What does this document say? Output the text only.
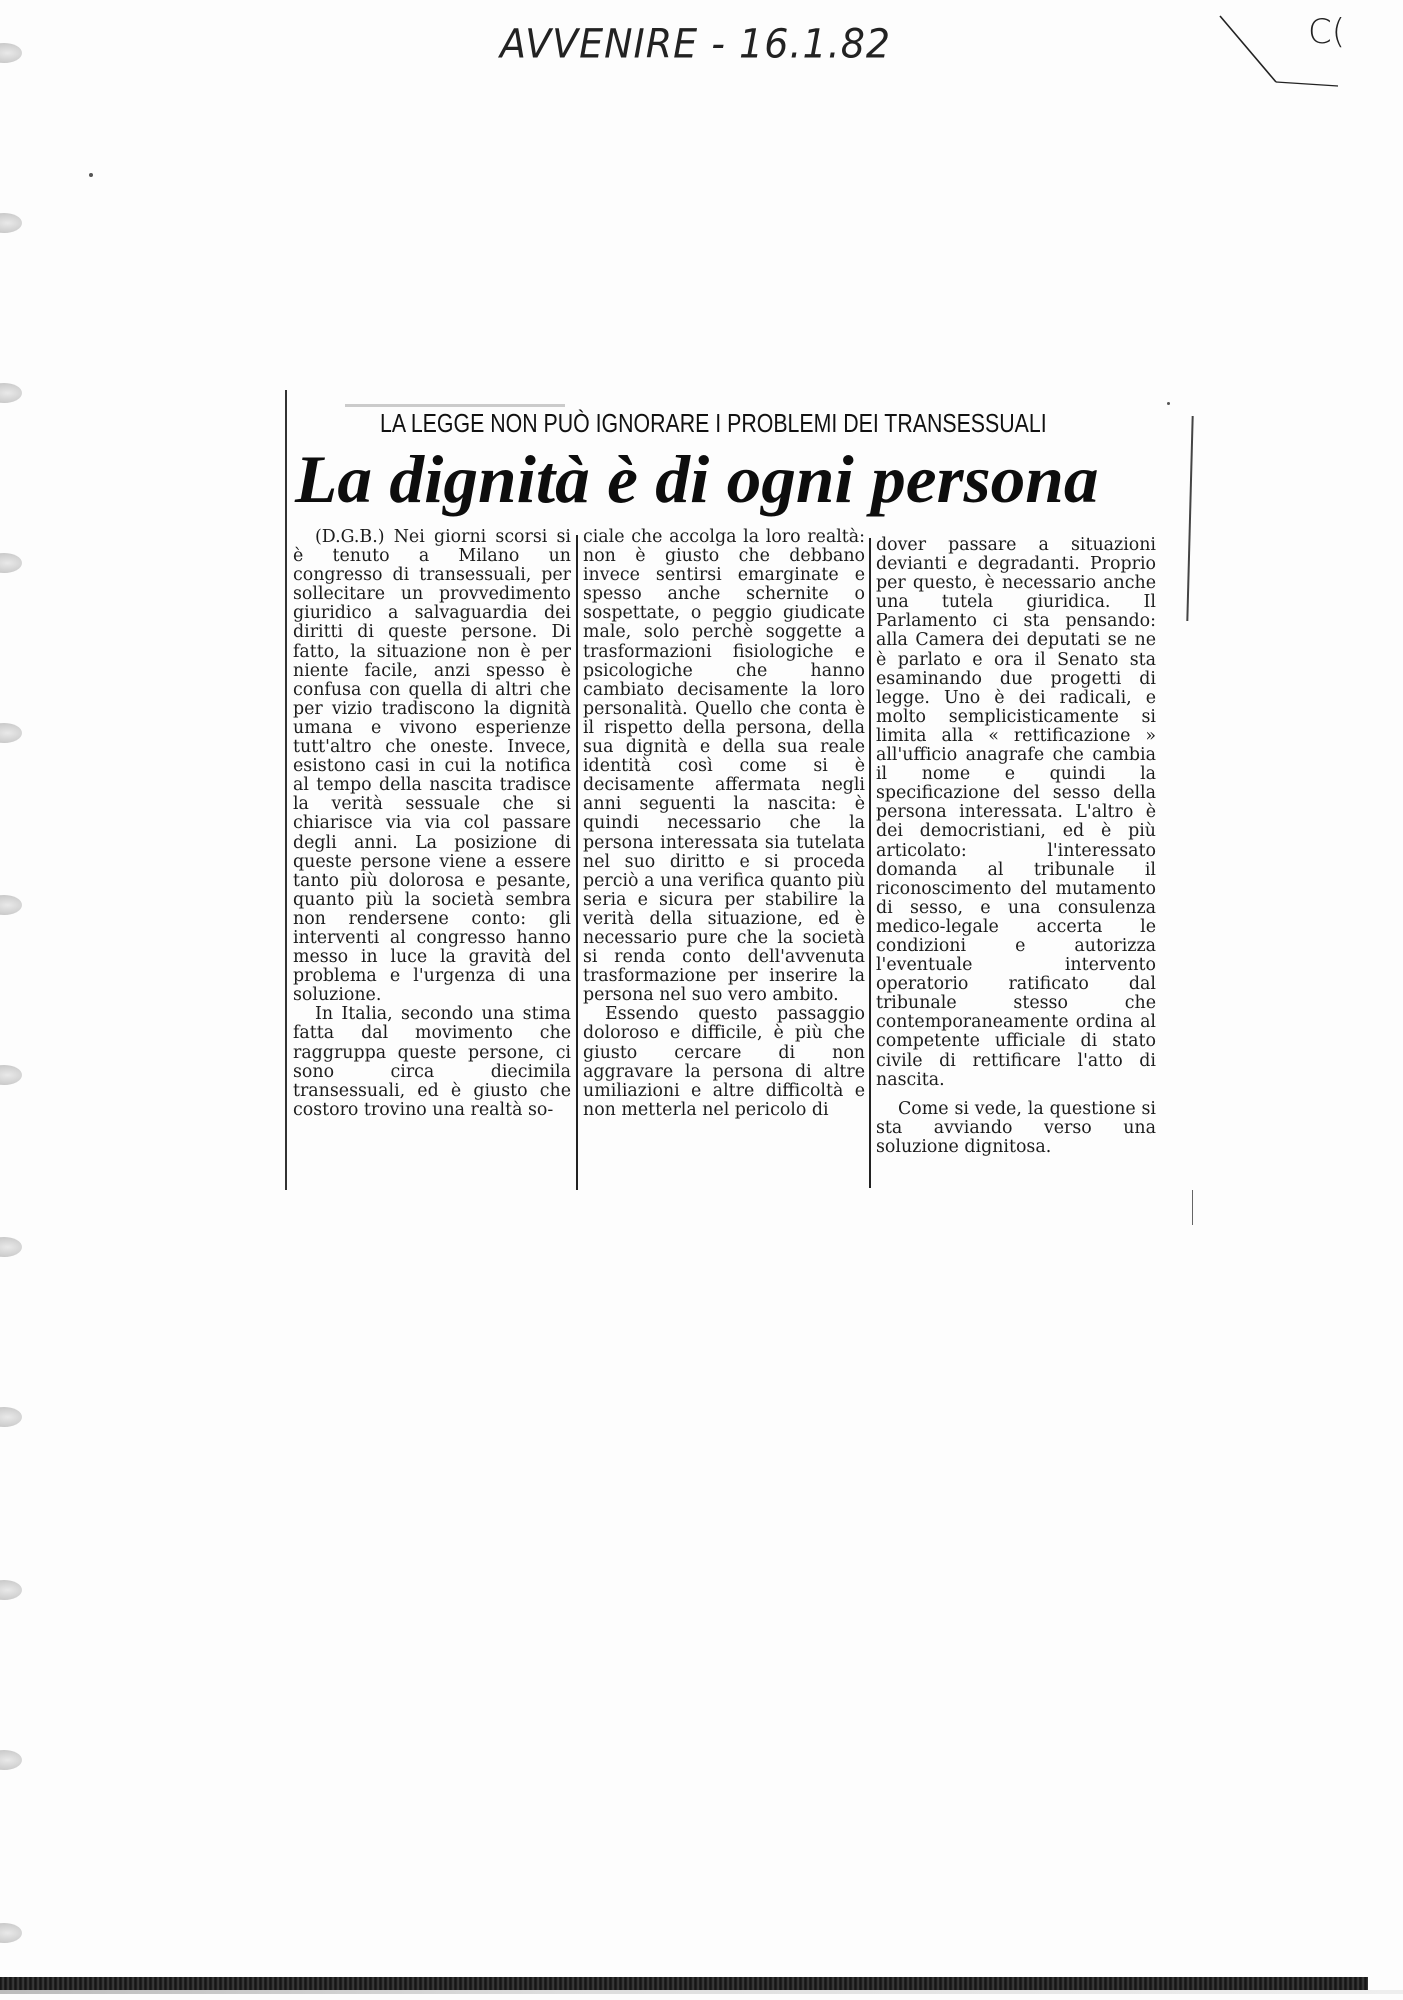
AVVENIRE - 16.1.82	C(
LA LEGGE NON PUÒ IGNORARE I PROBLEMI DEI TRANSESSUALI
La dignità è di ogni persona

(D.G.B.) Nei giorni scorsi si è tenuto a Milano un congresso di transessuali, per sollecitare un provvedimento giuridico a salvaguardia dei diritti di queste persone. Di fatto, la situazione non è per niente facile, anzi spesso è confusa con quella di altri che per vizio tradiscono la dignità umana e vivono esperienze tutt'altro che oneste. Invece, esistono casi in cui la notifica al tempo della nascita tradisce la verità sessuale che si chiarisce via via col passare degli anni. La posizione di queste persone viene a essere tanto più dolorosa e pesante, quanto più la società sembra non rendersene conto: gli interventi al congresso hanno messo in luce la gravità del problema e l'urgenza di una soluzione.

In Italia, secondo una stima fatta dal movimento che raggruppa queste persone, ci sono circa diecimila transessuali, ed è giusto che costoro trovino una realtà so-

ciale che accolga la loro realtà: non è giusto che debbano invece sentirsi emarginate e spesso anche schernite o sospettate, o peggio giudicate male, solo perchè soggette a trasformazioni fisiologiche e psicologiche che hanno cambiato decisamente la loro personalità. Quello che conta è il rispetto della persona, della sua dignità e della sua reale identità così come si è decisamente affermata negli anni seguenti la nascita: è quindi necessario che la persona interessata sia tutelata nel suo diritto e si proceda perciò a una verifica quanto più seria e sicura per stabilire la verità della situazione, ed è necessario pure che la società si renda conto dell'avvenuta trasformazione per inserire la persona nel suo vero ambito.

Essendo questo passaggio doloroso e difficile, è più che giusto cercare di non aggravare la persona di altre umiliazioni e altre difficoltà e non metterla nel pericolo di

dover passare a situazioni devianti e degradanti. Proprio per questo, è necessario anche una tutela giuridica. Il Parlamento ci sta pensando: alla Camera dei deputati se ne è parlato e ora il Senato sta esaminando due progetti di legge. Uno è dei radicali, e molto semplicisticamente si limita alla « rettificazione » all'ufficio anagrafe che cambia il nome e quindi la specificazione del sesso della persona interessata. L'altro è dei democristiani, ed è più articolato: l'interessato domanda al tribunale il riconoscimento del mutamento di sesso, e una consulenza medico-legale accerta le condizioni e autorizza l'eventuale intervento operatorio ratificato dal tribunale stesso che contemporaneamente ordina al competente ufficiale di stato civile di rettificare l'atto di nascita.

Come si vede, la questione si sta avviando verso una soluzione dignitosa.
